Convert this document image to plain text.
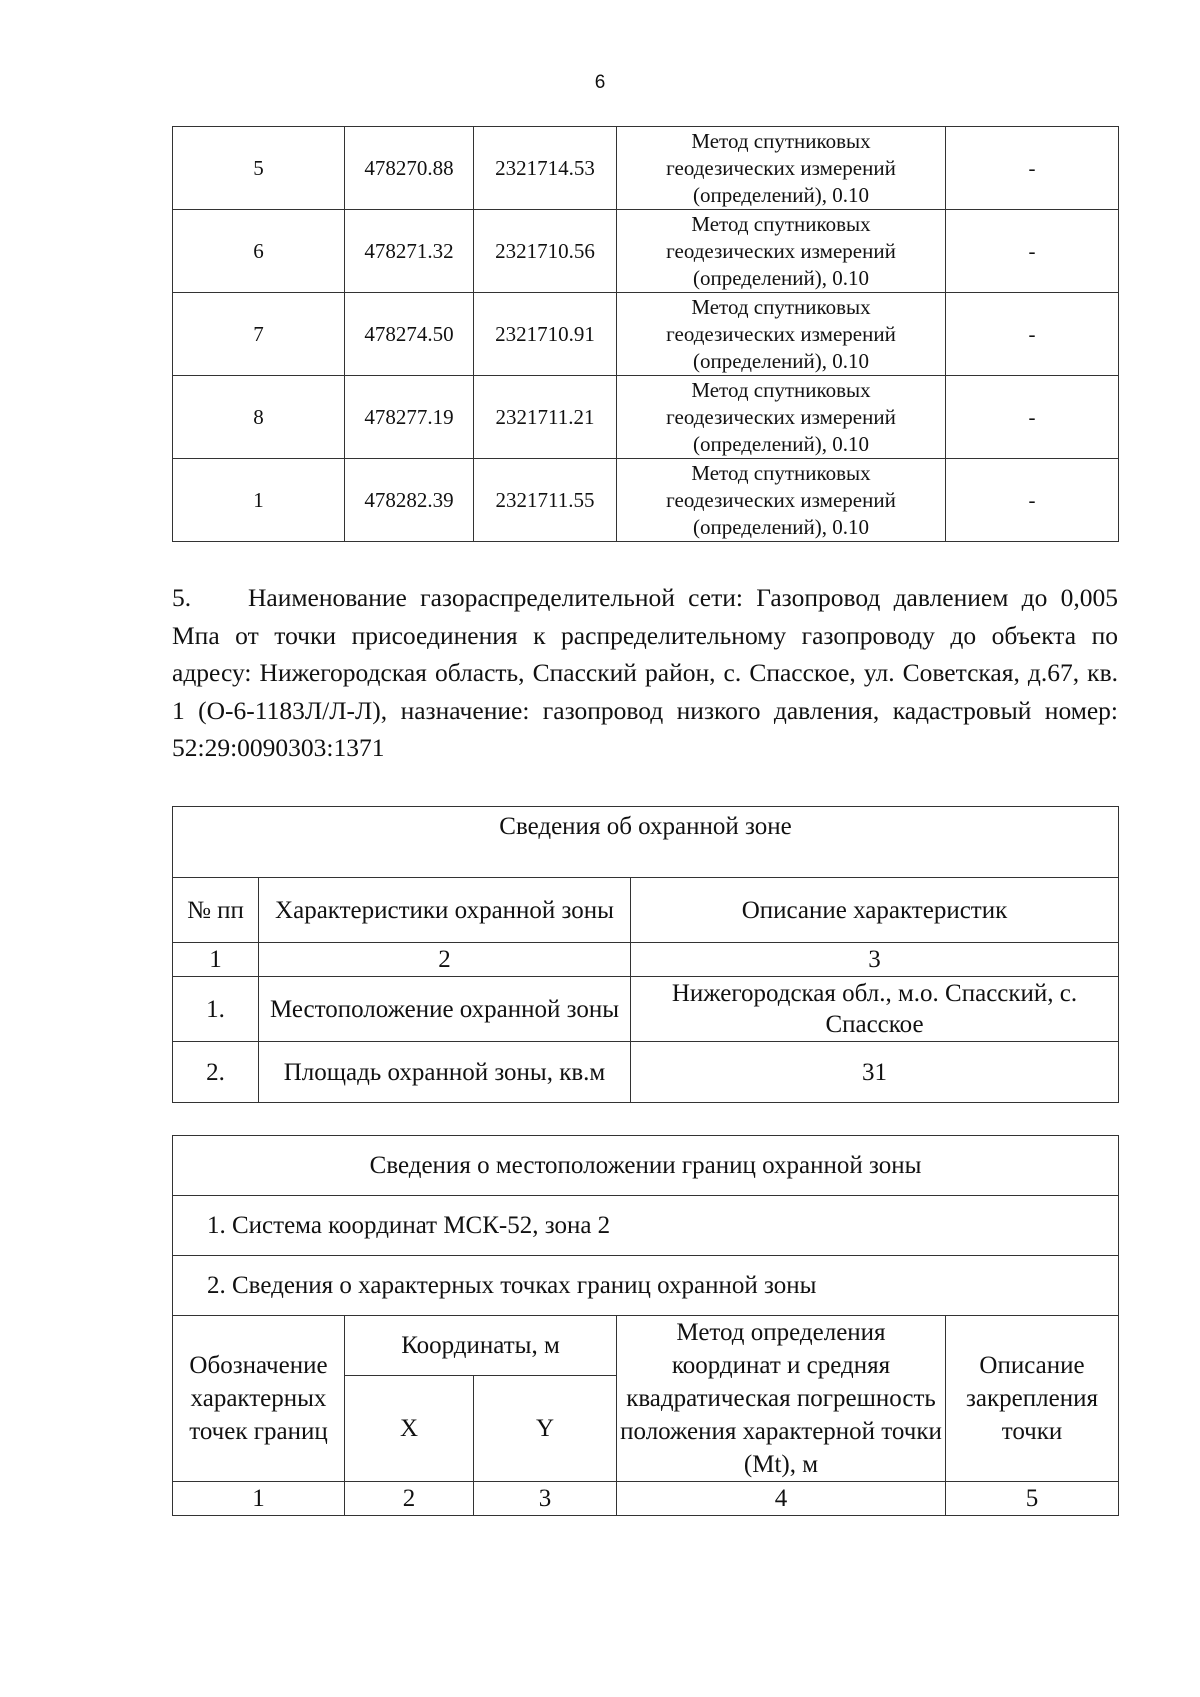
6
5	478270.88	2321714.53	Метод спутниковых
геодезических измерений
(определений), 0.10	-
6	478271.32	2321710.56	Метод спутниковых
геодезических измерений
(определений), 0.10	-
7	478274.50	2321710.91	Метод спутниковых
геодезических измерений
(определений), 0.10	-
8	478277.19	2321711.21	Метод спутниковых
геодезических измерений
(определений), 0.10	-
1	478282.39	2321711.55	Метод спутниковых
геодезических измерений
(определений), 0.10	-

5. Наименование газораспределительной сети: Газопровод давлением до 0,005 Мпа от точки присоединения к распределительному газопроводу до объекта по адресу: Нижегородская область, Спасский район, с. Спасское, ул. Советская, д.67, кв. 1 (О-6-1183Л/Л-Л), назначение: газопровод низкого давления, кадастровый номер: 52:29:0090303:1371

Сведения об охранной зоне		
№ пп	Характеристики охранной зоны	Описание характеристик
1	2	3
1.	Местоположение охранной зоны	Нижегородская обл., м.о. Спасский, с. Спасское
2.	Площадь охранной зоны, кв.м	31
Сведения о местоположении границ охранной зоны				
1. Система координат МСК-52, зона 2				
2. Сведения о характерных точках границ охранной зоны				
Обозначение характерных точек границ	Координаты, м		Метод определения координат и средняя квадратическая погрешность положения характерной точки (Mt), м	Описание закрепления точки
	X	Y		
1	2	3	4	5
